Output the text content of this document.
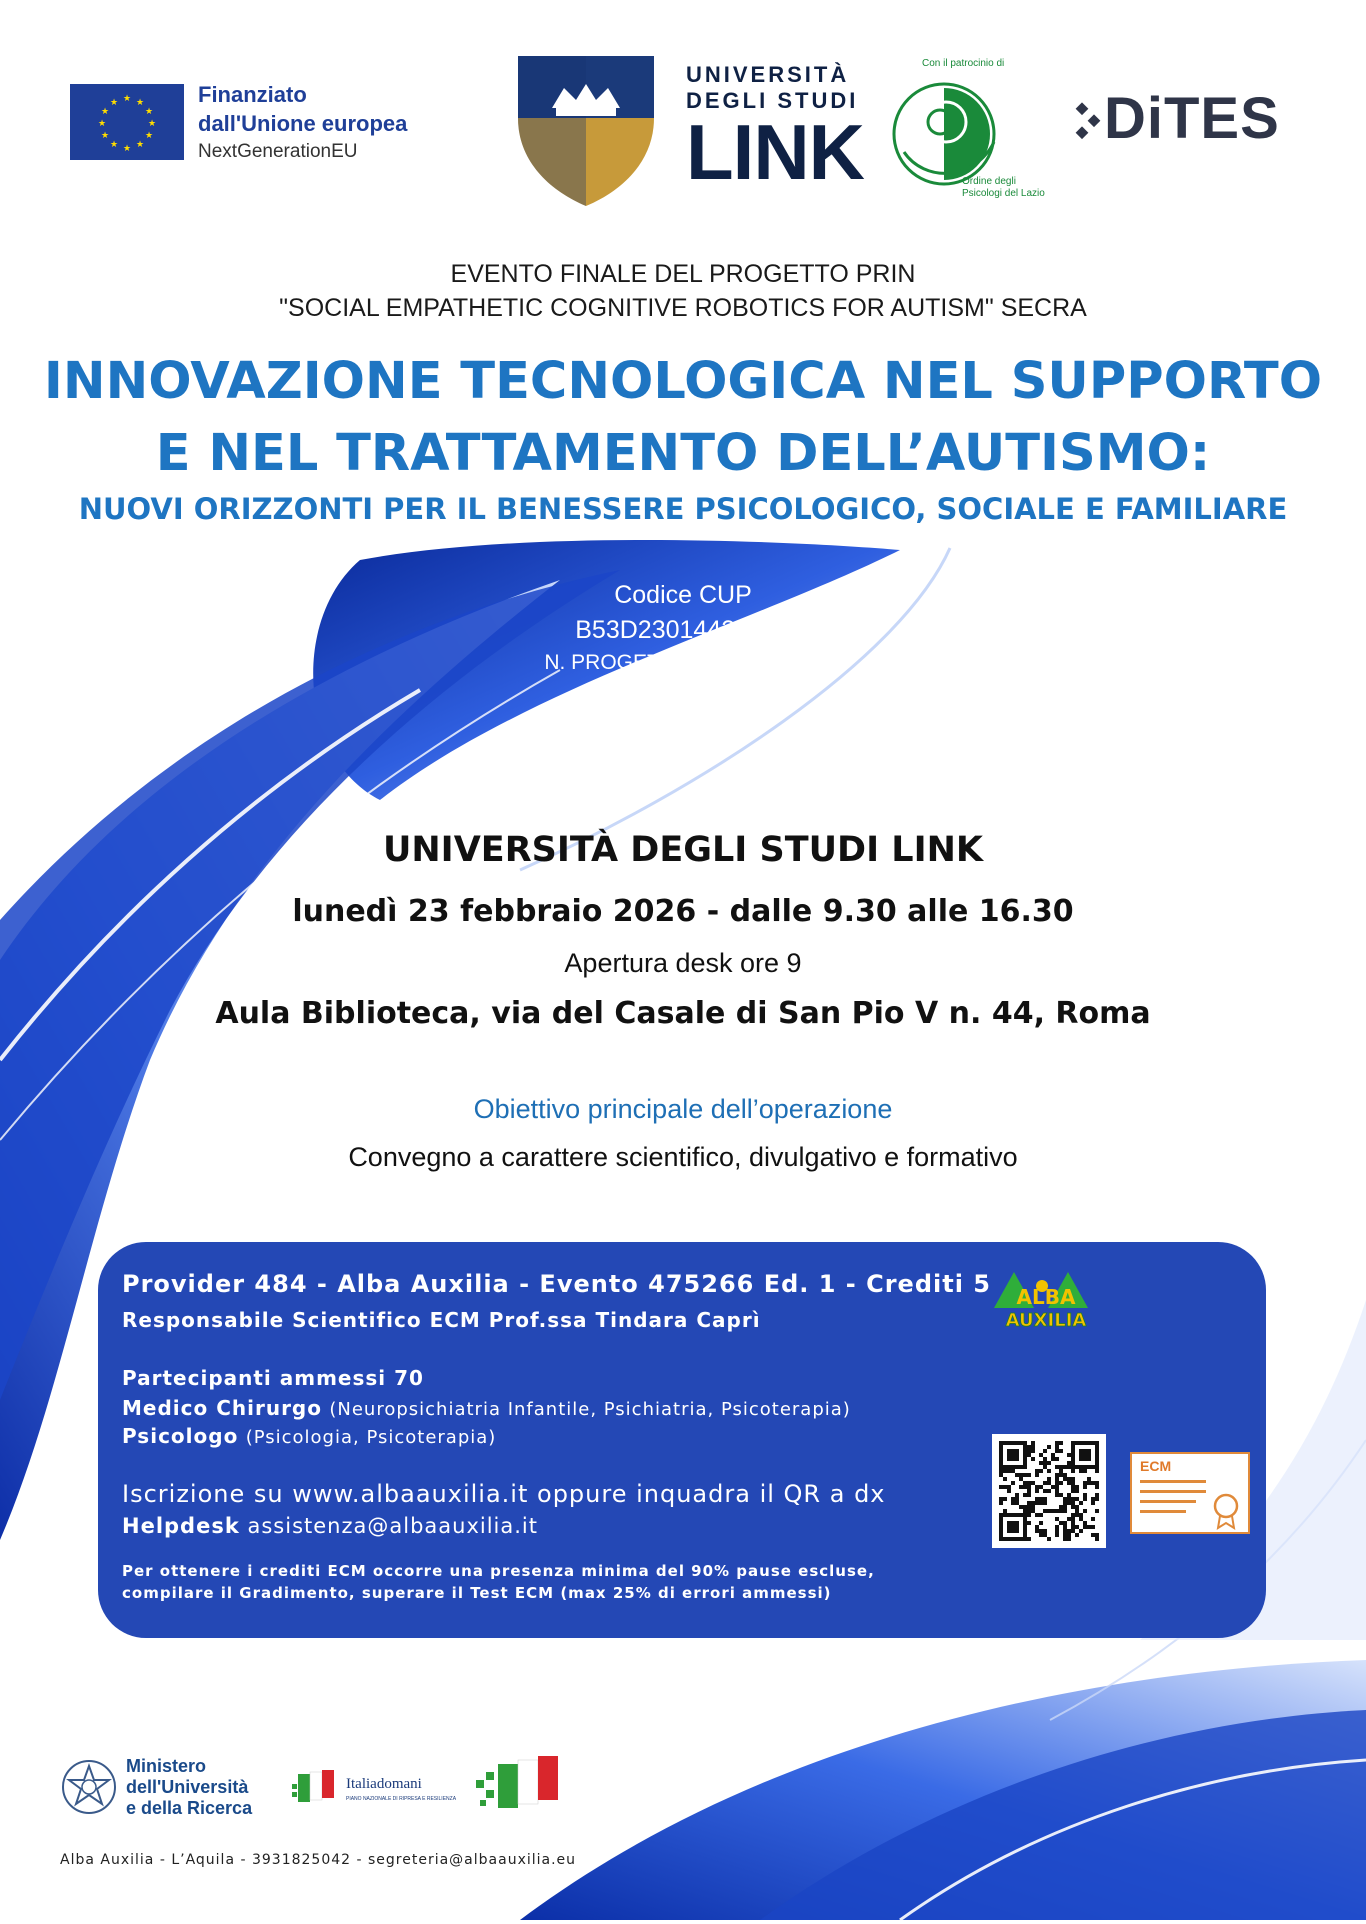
★ ★
★
★
★
★
★
★
★
★
★
★	Finanziato
dall'Unione europea
NextGenerationEU
UNIVERSITÀ
DEGLI STUDI
LINK
Con il patrocinio di
Ordine degli
Psicologi del Lazio
DiTES
EVENTO FINALE DEL PROGETTO PRIN
"SOCIAL EMPATHETIC COGNITIVE ROBOTICS FOR AUTISM" SECRA
INNOVAZIONE TECNOLOGICA NEL SUPPORTO
E NEL TRATTAMENTO DELL’AUTISMO:
NUOVI ORIZZONTI PER IL BENESSERE PSICOLOGICO, SOCIALE E FAMILIARE
Codice CUP
B53D23014420008
N. PROGETTO 20229R3JMA
UNIVERSITÀ DEGLI STUDI LINK
lunedì 23 febbraio 2026 - dalle 9.30 alle 16.30
Apertura desk ore 9
Aula Biblioteca, via del Casale di San Pio V n. 44, Roma
Obiettivo principale dell’operazione
Convegno a carattere scientifico, divulgativo e formativo
Provider 484 - Alba Auxilia - Evento 475266 Ed. 1 - Crediti 5
Responsabile Scientifico ECM Prof.ssa Tindara Caprì
Partecipanti ammessi 70
Medico Chirurgo (Neuropsichiatria Infantile, Psichiatria, Psicoterapia)
Psicologo (Psicologia, Psicoterapia)
Iscrizione su www.albaauxilia.it oppure inquadra il QR a dx
Helpdesk assistenza@albaauxilia.it
Per ottenere i crediti ECM occorre una presenza minima del 90% pause escluse,
compilare il Gradimento, superare il Test ECM (max 25% di errori ammessi)
ALBA
AUXILIA
ECM
Ministero
dell'Università
e della Ricerca
Italiadomani
PIANO NAZIONALE DI RIPRESA E RESILIENZA
Alba Auxilia - L’Aquila - 3931825042 - segreteria@albaauxilia.eu
